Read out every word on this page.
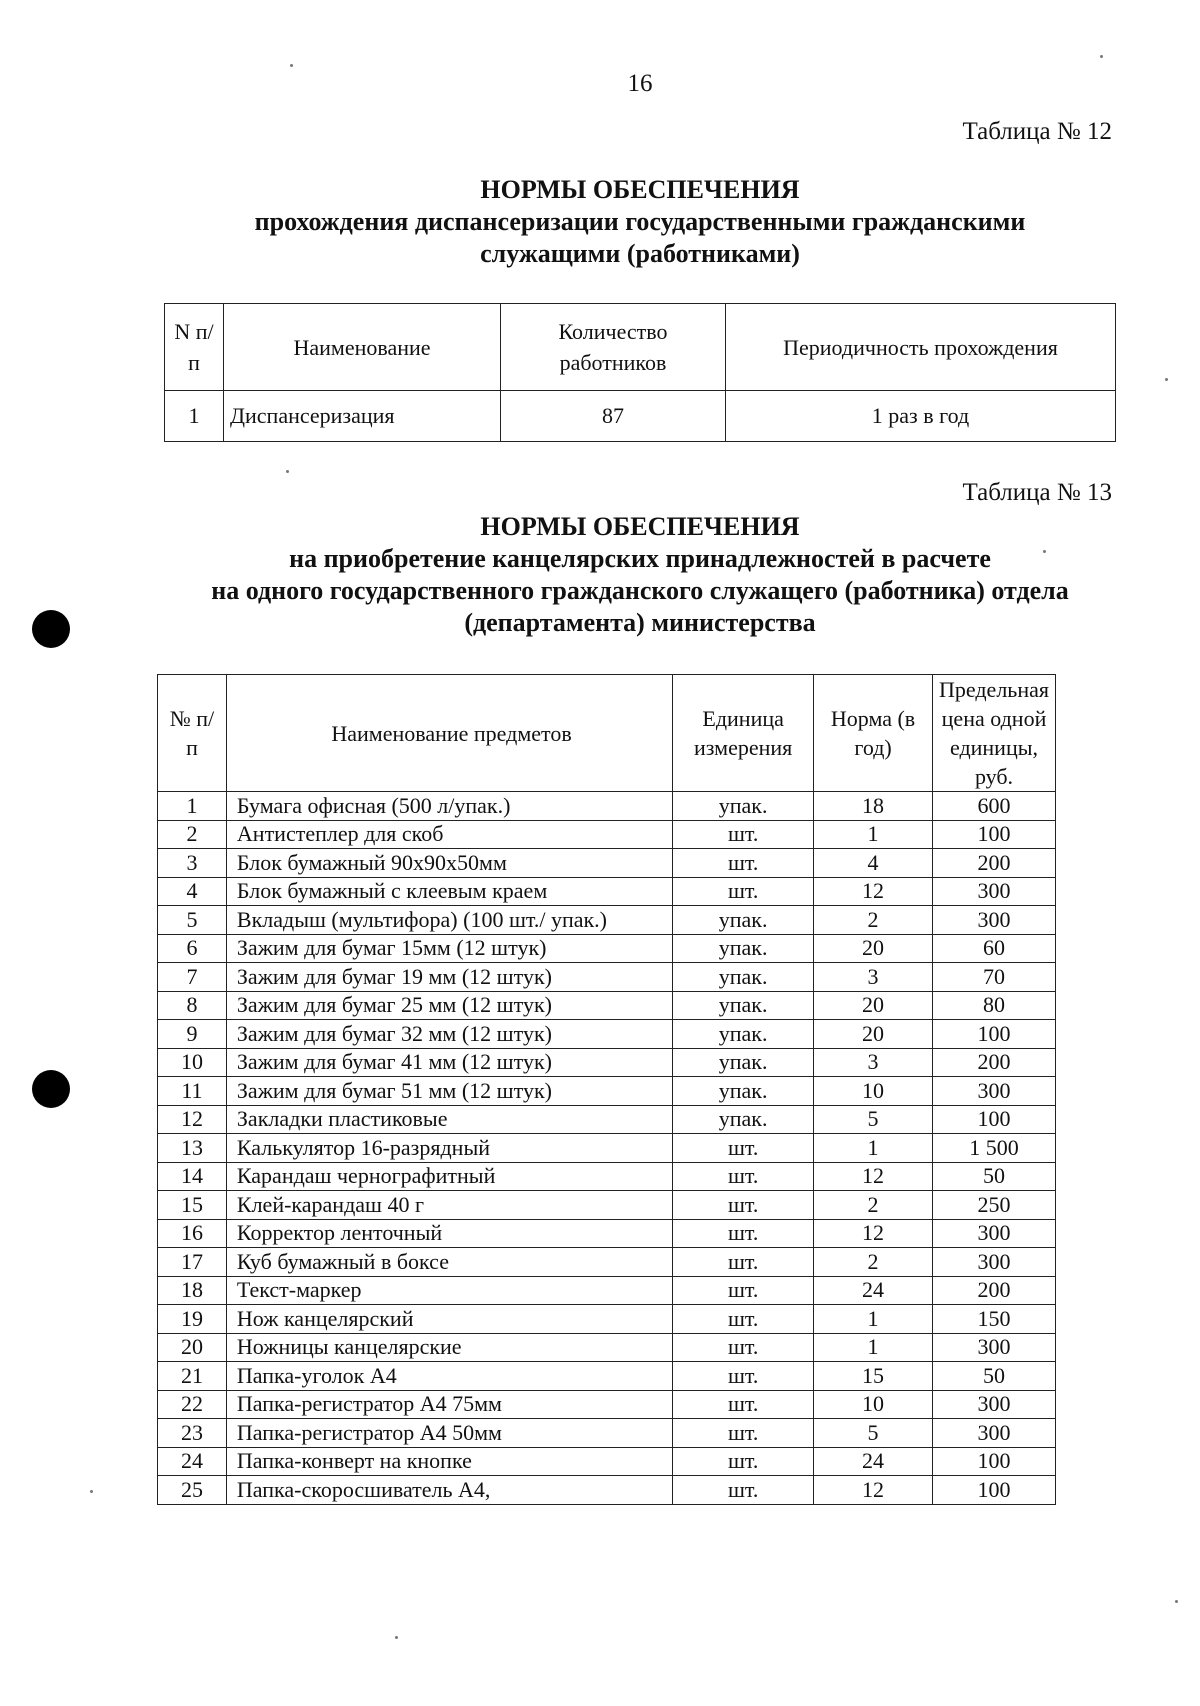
16
Таблица № 12
НОРМЫ ОБЕСПЕЧЕНИЯ
прохождения диспансеризации государственными гражданскими
служащими (работниками)
N п/п	Наименование	Количество работников	Периодичность прохождения
1	Диспансеризация	87	1 раз в год
Таблица № 13
НОРМЫ ОБЕСПЕЧЕНИЯ
на приобретение канцелярских принадлежностей в расчете
на одного государственного гражданского служащего (работника) отдела
(департамента) министерства
№ п/п	Наименование предметов	Единица измерения	Норма (в год)	Предельная цена одной единицы, руб.
1	Бумага офисная (500 л/упак.)	упак.	18	600
2	Антистеплер для скоб	шт.	1	100
3	Блок бумажный 90х90х50мм	шт.	4	200
4	Блок бумажный с клеевым краем	шт.	12	300
5	Вкладыш (мультифора) (100 шт./ упак.)	упак.	2	300
6	Зажим для бумаг 15мм (12 штук)	упак.	20	60
7	Зажим для бумаг 19 мм (12 штук)	упак.	3	70
8	Зажим для бумаг 25 мм (12 штук)	упак.	20	80
9	Зажим для бумаг 32 мм (12 штук)	упак.	20	100
10	Зажим для бумаг 41 мм (12 штук)	упак.	3	200
11	Зажим для бумаг 51 мм (12 штук)	упак.	10	300
12	Закладки пластиковые	упак.	5	100
13	Калькулятор 16-разрядный	шт.	1	1 500
14	Карандаш чернографитный	шт.	12	50
15	Клей-карандаш 40 г	шт.	2	250
16	Корректор ленточный	шт.	12	300
17	Куб бумажный в боксе	шт.	2	300
18	Текст-маркер	шт.	24	200
19	Нож канцелярский	шт.	1	150
20	Ножницы канцелярские	шт.	1	300
21	Папка-уголок А4	шт.	15	50
22	Папка-регистратор А4 75мм	шт.	10	300
23	Папка-регистратор А4 50мм	шт.	5	300
24	Папка-конверт на кнопке	шт.	24	100
25	Папка-скоросшиватель А4,	шт.	12	100
